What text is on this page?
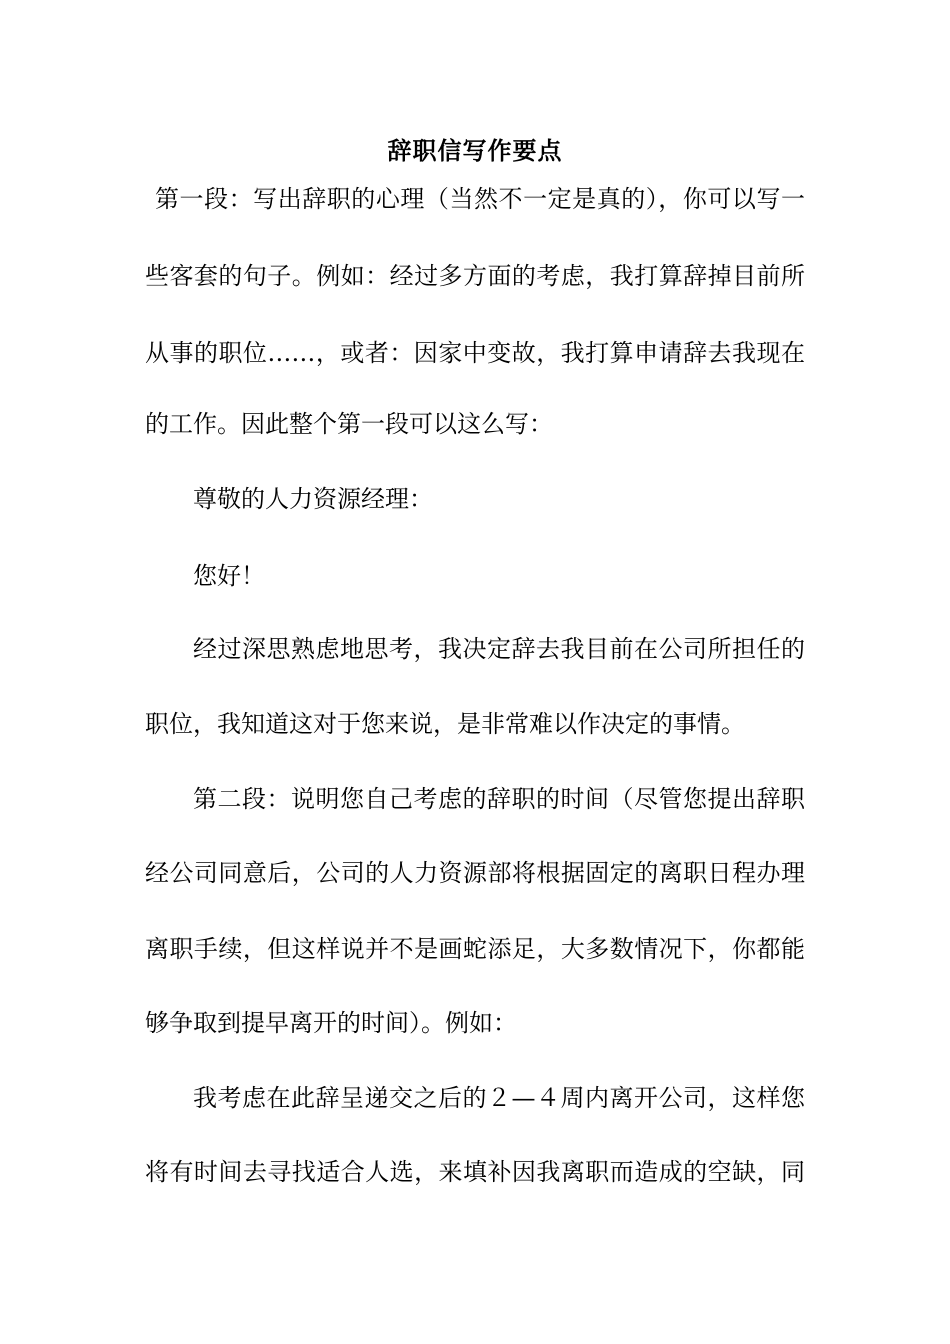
辞职信写作要点
第一段：写出辞职的心理（当然不一定是真的），你可以写一
些客套的句子。例如：经过多方面的考虑，我打算辞掉目前所
从事的职位……，或者：因家中变故，我打算申请辞去我现在
的工作。因此整个第一段可以这么写：
尊敬的人力资源经理：
您好！
经过深思熟虑地思考，我决定辞去我目前在公司所担任的
职位，我知道这对于您来说，是非常难以作决定的事情。
第二段：说明您自己考虑的辞职的时间（尽管您提出辞职
经公司同意后，公司的人力资源部将根据固定的离职日程办理
离职手续，但这样说并不是画蛇添足，大多数情况下，你都能
够争取到提早离开的时间）。例如：
我考虑在此辞呈递交之后的２—４周内离开公司，这样您
将有时间去寻找适合人选，来填补因我离职而造成的空缺，同
